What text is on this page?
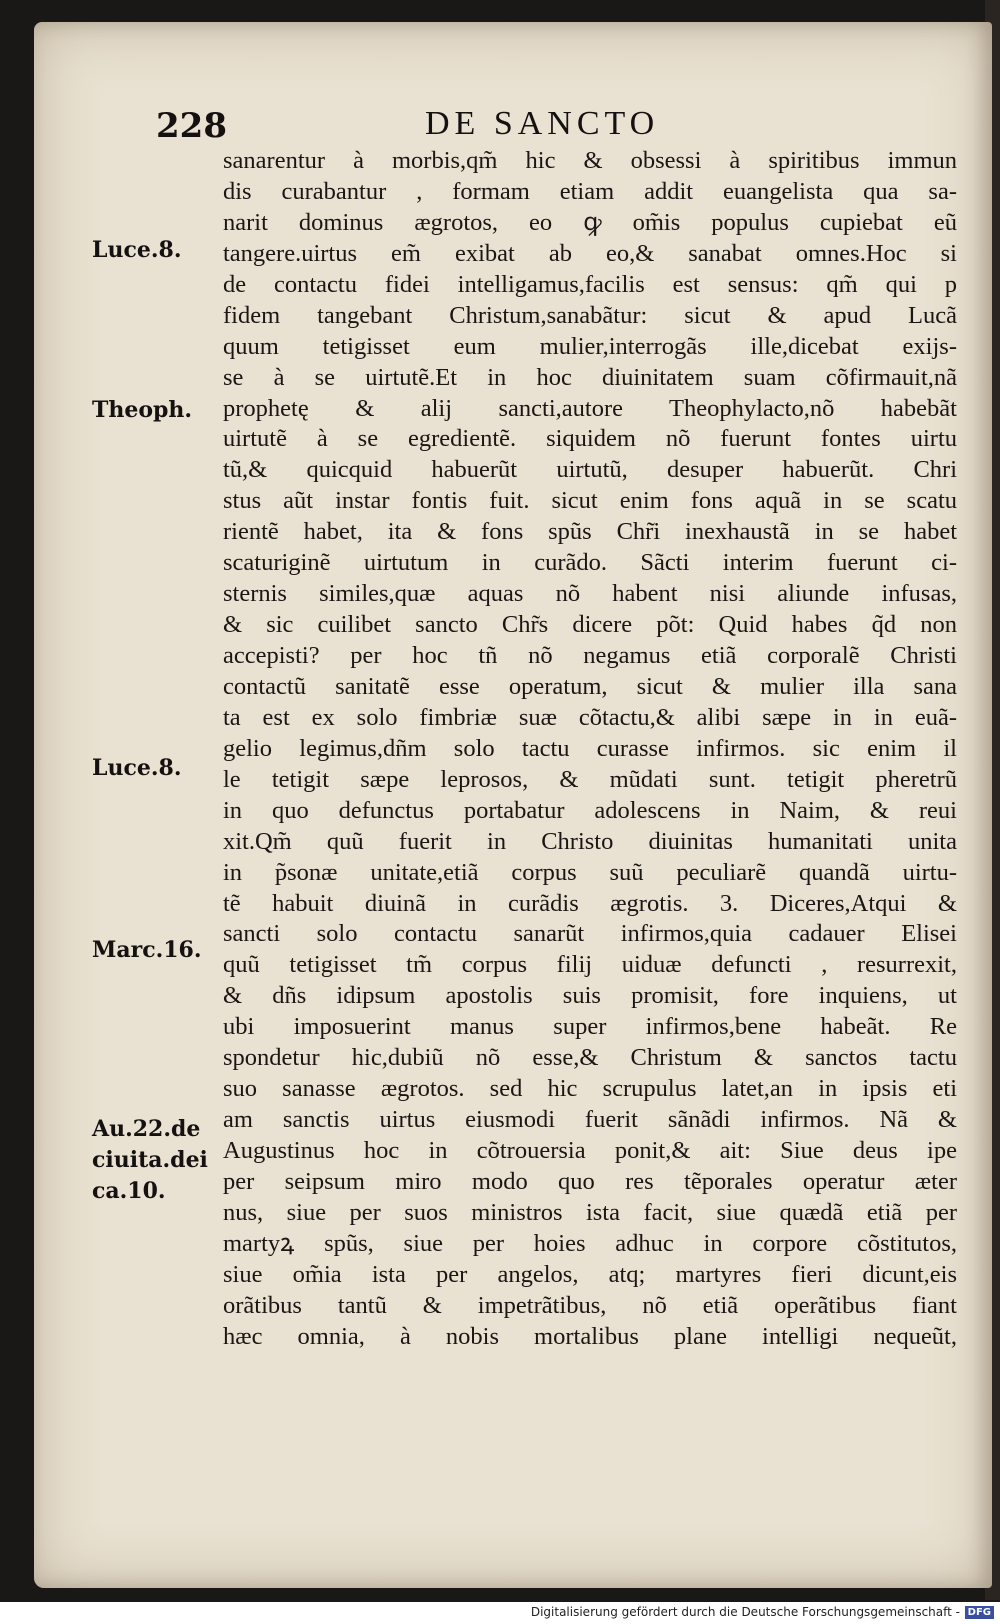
228	DE SANCTO
Luce.8.
Theoph.
Luce.8.
Marc.16.
Au.22.de
ciuita.dei
ca.10.
sanarentur à morbis,qm̃ hic & obsessi à spiritibus immun
dis curabantur , formam etiam addit euangelista qua sa-
narit dominus ægrotos, eo ꝙ om̃is populus cupiebat eũ
tangere.uirtus em̃ exibat ab eo,& sanabat omnes.Hoc si
de contactu fidei intelligamus,facilis est sensus: qm̃ qui p
fidem tangebant Christum,sanabãtur: sicut & apud Lucã
quum tetigisset eum mulier,interrogãs ille,dicebat exijs-
se à se uirtutẽ.Et in hoc diuinitatem suam cõfirmauit,nã
prophetę & alij sancti,autore Theophylacto,nõ habebãt
uirtutẽ à se egredientẽ. siquidem nõ fuerunt fontes uirtu
tũ,& quicquid habuerũt uirtutũ, desuper habuerũt. Chri
stus aũt instar fontis fuit. sicut enim fons aquã in se scatu
rientẽ habet, ita & fons spũs Chr̃i inexhaustã in se habet
scaturiginẽ uirtutum in curãdo. Sãcti interim fuerunt ci-
sternis similes,quæ aquas nõ habent nisi aliunde infusas,
& sic cuilibet sancto Chr̃s dicere põt: Quid habes q̃d non
accepisti? per hoc tñ nõ negamus etiã corporalẽ Christi
contactũ sanitatẽ esse operatum, sicut & mulier illa sana
ta est ex solo fimbriæ suæ cõtactu,& alibi sæpe in in euã-
gelio legimus,dñm solo tactu curasse infirmos. sic enim il
le tetigit sæpe leprosos, & mũdati sunt. tetigit pheretrũ
in quo defunctus portabatur adolescens in Naim, & reui
xit.Qm̃ quũ fuerit in Christo diuinitas humanitati unita
in p̃sonæ unitate,etiã corpus suũ peculiarẽ quandã uirtu-
tẽ habuit diuinã in curãdis ægrotis. 3. Diceres,Atqui &
sancti solo contactu sanarũt infirmos,quia cadauer Elisei
quũ tetigisset tm̃ corpus filij uiduæ defuncti , resurrexit,
& dñs idipsum apostolis suis promisit, fore inquiens, ut
ubi imposuerint manus super infirmos,bene habeãt. Re
spondetur hic,dubiũ nõ esse,& Christum & sanctos tactu
suo sanasse ægrotos. sed hic scrupulus latet,an in ipsis eti
am sanctis uirtus eiusmodi fuerit sãnãdi infirmos. Nã &
Augustinus hoc in cõtrouersia ponit,& ait: Siue deus ipe
per seipsum miro modo quo res tẽporales operatur æter
nus, siue per suos ministros ista facit, siue quædã etiã per
martyꝝ spũs, siue per hoies adhuc in corpore cõstitutos,
siue om̃ia ista per angelos, atq; martyres fieri dicunt,eis
orãtibus tantũ & impetrãtibus, nõ etiã operãtibus fiant
hæc omnia, à nobis mortalibus plane intelligi nequeũt,
Digitalisierung gefördert durch die Deutsche Forschungsgemeinschaft - DFG
